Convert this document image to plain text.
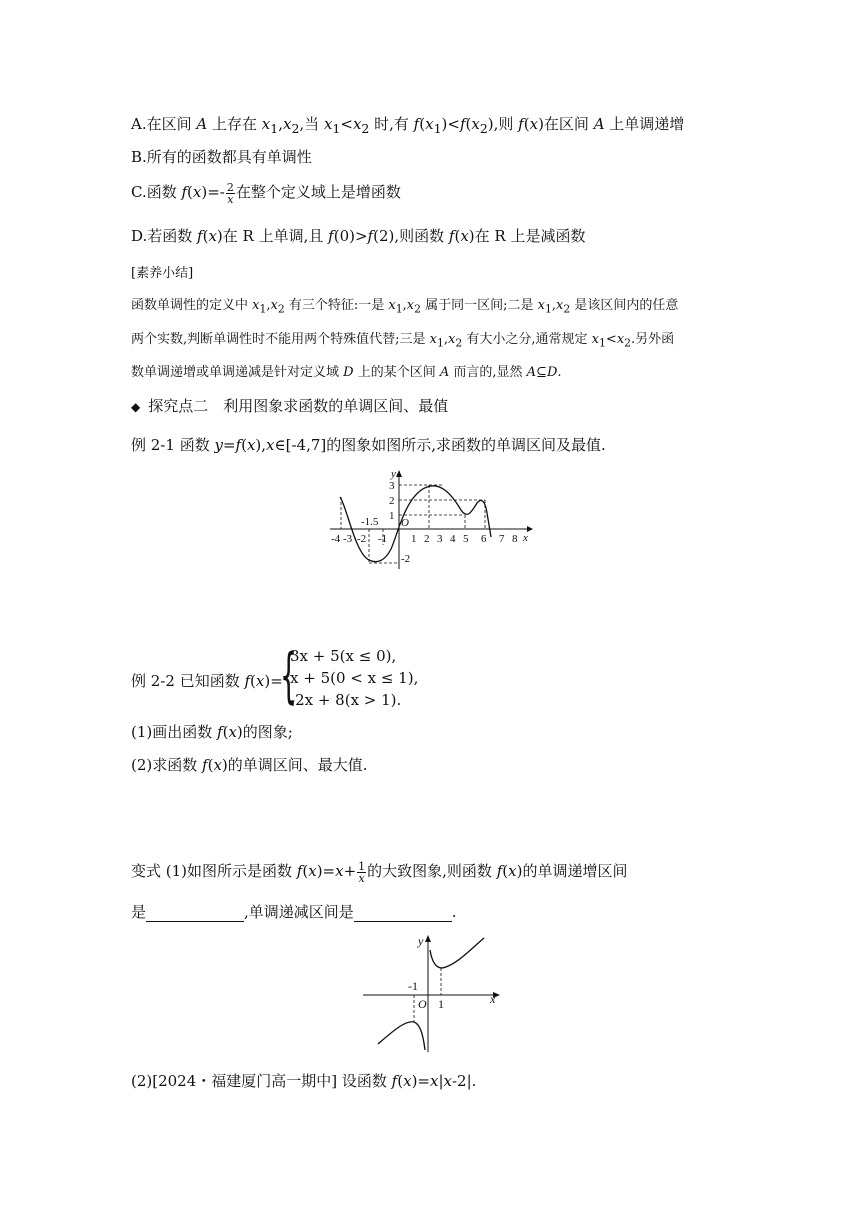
A.在区间 A 上存在 $x_1,x_2$,当 $x_1<x_2$ 时,有 $f(x_1)<f(x_2)$,则 f(x)在区间 A 上单调递增
B.所有的函数都具有单调性
C.函数 $f(x)=- \frac{2}{x}$ 在整个定义域上是增函数
D.若函数 f(x)在 R 上单调,且 f(0)>f(2),则函数 f(x)在 R 上是减函数
[素养小结]
函数单调性的定义中 $x_1,x_2$ 有三个特征:一是 $x_1,x_2$ 属于同一区间;二是 $x_1,x_2$ 是该区间内的任意
两个实数,判断单调性时不能用两个特殊值代替;三是 $x_1,x_2$ 有大小之分,通常规定 $x_1<x_2$.另外函
数单调递增或单调递减是针对定义域 D 上的某个区间 A 而言的,显然 A⊆D.
◆ 探究点二　利用图象求函数的单调区间、最值
例 2-1 函数 y=f(x),x∈[-4,7]的图象如图所示,求函数的单调区间及最值.
-4 -3 -2 -1 1 2 3 4 5 6 7 8 x
y
3
2
1
-2
-1.5 O
例 2-2 已知函数 f(x)=
{
3x + 5(x ≤ 0),
x + 5(0 < x ≤ 1),
-2x + 8(x > 1).
(1)画出函数 f(x)的图象;
(2)求函数 f(x)的单调区间、最大值.
变式 (1)如图所示是函数 $f(x)=x+ \frac{1}{x}$ 的大致图象,则函数 f(x)的单调递增区间
是	,单调递减区间是	.
x
y
-1
O 1
(2)[2024・福建厦门高一期中] 设函数 f(x)=x|x-2|.
